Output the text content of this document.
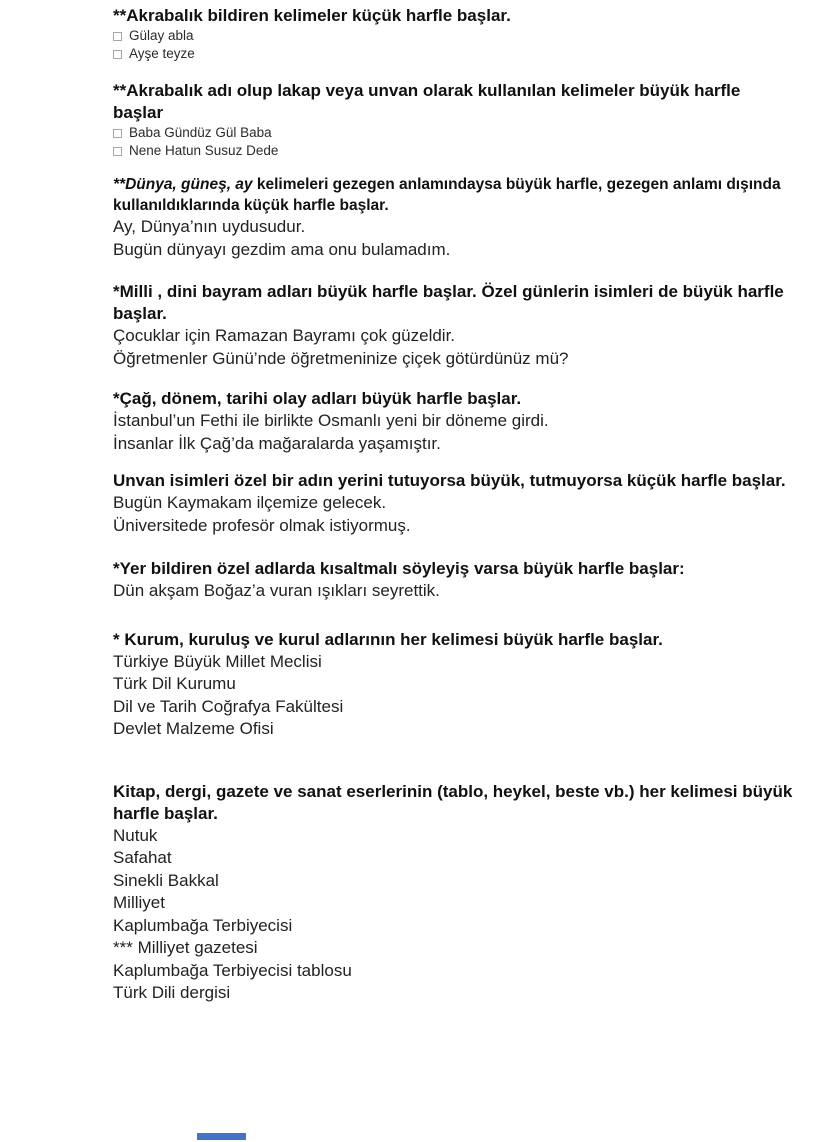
**Akrabalık bildiren kelimeler küçük harfle başlar.
Gülay abla
Ayşe teyze
**Akrabalık adı olup lakap veya unvan olarak kullanılan kelimeler büyük harfle başlar
Baba Gündüz Gül Baba
Nene Hatun Susuz Dede
**Dünya, güneş, ay kelimeleri gezegen anlamındaysa büyük harfle, gezegen anlamı dışında kullanıldıklarında küçük harfle başlar.
Ay, Dünya’nın uydusudur.
Bugün dünyayı gezdim ama onu bulamadım.
*Milli , dini bayram adları büyük harfle başlar. Özel günlerin isimleri de büyük harfle başlar.
Çocuklar için Ramazan Bayramı çok güzeldir.
Öğretmenler Günü’nde öğretmeninize çiçek götürdünüz mü?
*Çağ, dönem, tarihi olay adları büyük harfle başlar.
İstanbul’un Fethi ile birlikte Osmanlı yeni bir döneme girdi.
İnsanlar İlk Çağ’da mağaralarda yaşamıştır.
Unvan isimleri özel bir adın yerini tutuyorsa büyük, tutmuyorsa küçük harfle başlar.
Bugün Kaymakam ilçemize gelecek.
Üniversitede profesör olmak istiyormuş.
*Yer bildiren özel adlarda kısaltmalı söyleyiş varsa büyük harfle başlar:
Dün akşam Boğaz’a vuran ışıkları seyrettik.
* Kurum, kuruluş ve kurul adlarının her kelimesi büyük harfle başlar.
Türkiye Büyük Millet Meclisi
Türk Dil Kurumu
Dil ve Tarih Coğrafya Fakültesi
Devlet Malzeme Ofisi
Kitap, dergi, gazete ve sanat eserlerinin (tablo, heykel, beste vb.) her kelimesi büyük harfle başlar.
Nutuk
Safahat
Sinekli Bakkal
Milliyet
Kaplumbağa Terbiyecisi
*** Milliyet gazetesi
Kaplumbağa Terbiyecisi tablosu
Türk Dili dergisi
